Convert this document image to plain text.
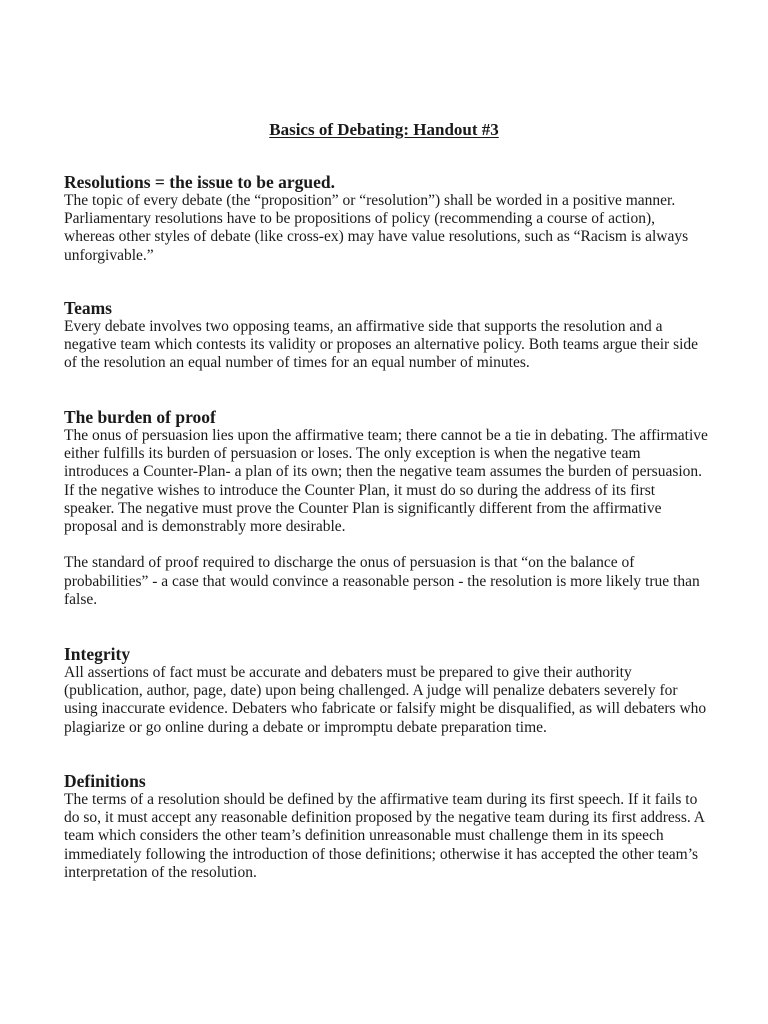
Basics of Debating: Handout #3
Resolutions = the issue to be argued.

The topic of every debate (the “proposition” or “resolution”) shall be worded in a positive manner. Parliamentary resolutions have to be propositions of policy (recommending a course of action), whereas other styles of debate (like cross-ex) may have value resolutions, such as “Racism is always unforgivable.”

Teams

Every debate involves two opposing teams, an affirmative side that supports the resolution and a negative team which contests its validity or proposes an alternative policy. Both teams argue their side of the resolution an equal number of times for an equal number of minutes.

The burden of proof

The onus of persuasion lies upon the affirmative team; there cannot be a tie in debating. The affirmative either fulfills its burden of persuasion or loses. The only exception is when the negative team introduces a Counter-Plan- a plan of its own; then the negative team assumes the burden of persuasion. If the negative wishes to introduce the Counter Plan, it must do so during the address of its first speaker. The negative must prove the Counter Plan is significantly different from the affirmative proposal and is demonstrably more desirable.

The standard of proof required to discharge the onus of persuasion is that “on the balance of probabilities” - a case that would convince a reasonable person - the resolution is more likely true than false.

Integrity

All assertions of fact must be accurate and debaters must be prepared to give their authority (publication, author, page, date) upon being challenged. A judge will penalize debaters severely for using inaccurate evidence. Debaters who fabricate or falsify might be disqualified, as will debaters who plagiarize or go online during a debate or impromptu debate preparation time.

Definitions

The terms of a resolution should be defined by the affirmative team during its first speech. If it fails to do so, it must accept any reasonable definition proposed by the negative team during its first address. A team which considers the other team’s definition unreasonable must challenge them in its speech immediately following the introduction of those definitions; otherwise it has accepted the other team’s interpretation of the resolution.
